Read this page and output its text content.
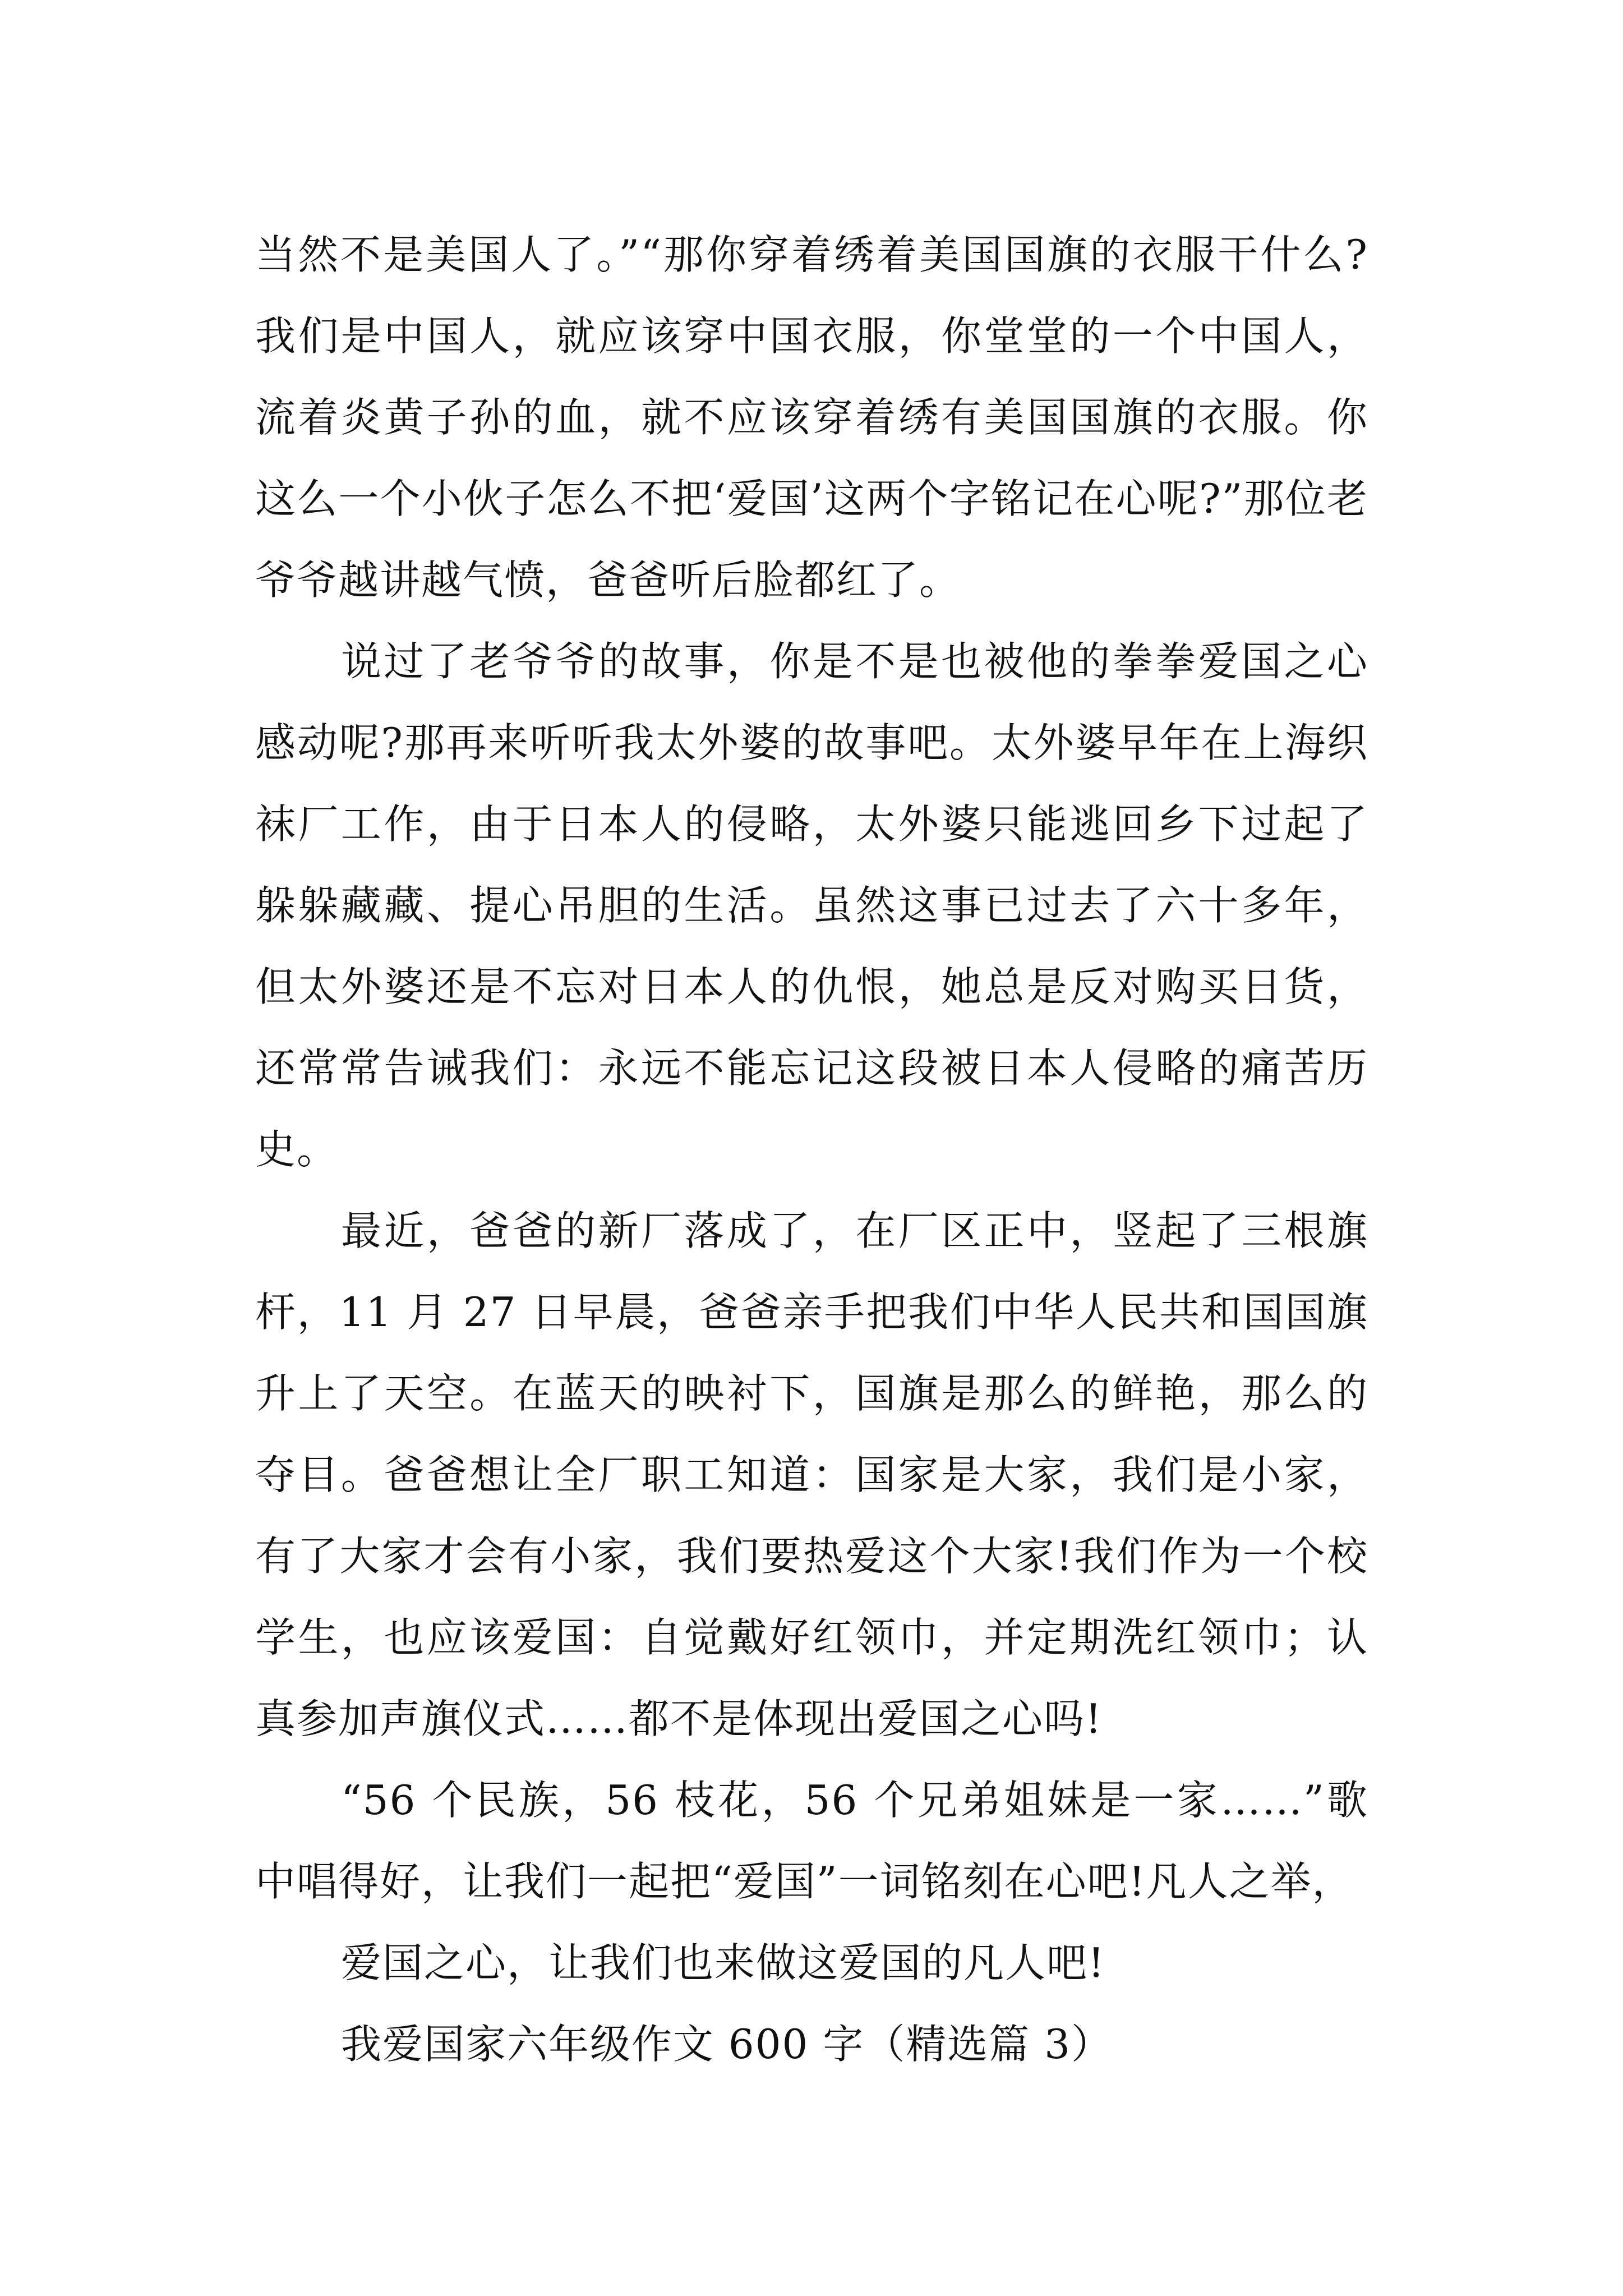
当然不是美国人了。”“那你穿着绣着美国国旗的衣服干什么?我们是中国人，就应该穿中国衣服，你堂堂的一个中国人，流着炎黄子孙的血，就不应该穿着绣有美国国旗的衣服。你这么一个小伙子怎么不把‘爱国’这两个字铭记在心呢?”那位老爷爷越讲越气愤，爸爸听后脸都红了。

说过了老爷爷的故事，你是不是也被他的拳拳爱国之心感动呢?那再来听听我太外婆的故事吧。太外婆早年在上海织袜厂工作，由于日本人的侵略，太外婆只能逃回乡下过起了躲躲藏藏、提心吊胆的生活。虽然这事已过去了六十多年，但太外婆还是不忘对日本人的仇恨，她总是反对购买日货，还常常告诫我们：永远不能忘记这段被日本人侵略的痛苦历史。

最近，爸爸的新厂落成了，在厂区正中，竖起了三根旗杆，11 月 27 日早晨，爸爸亲手把我们中华人民共和国国旗升上了天空。在蓝天的映衬下，国旗是那么的鲜艳，那么的夺目。爸爸想让全厂职工知道：国家是大家，我们是小家，有了大家才会有小家，我们要热爱这个大家!我们作为一个校学生，也应该爱国：自觉戴好红领巾，并定期洗红领巾；认真参加声旗仪式……都不是体现出爱国之心吗!

“56 个民族，56 枝花，56 个兄弟姐妹是一家……”歌中唱得好，让我们一起把“爱国”一词铭刻在心吧!凡人之举，

爱国之心，让我们也来做这爱国的凡人吧!

我爱国家六年级作文 600 字（精选篇 3）
